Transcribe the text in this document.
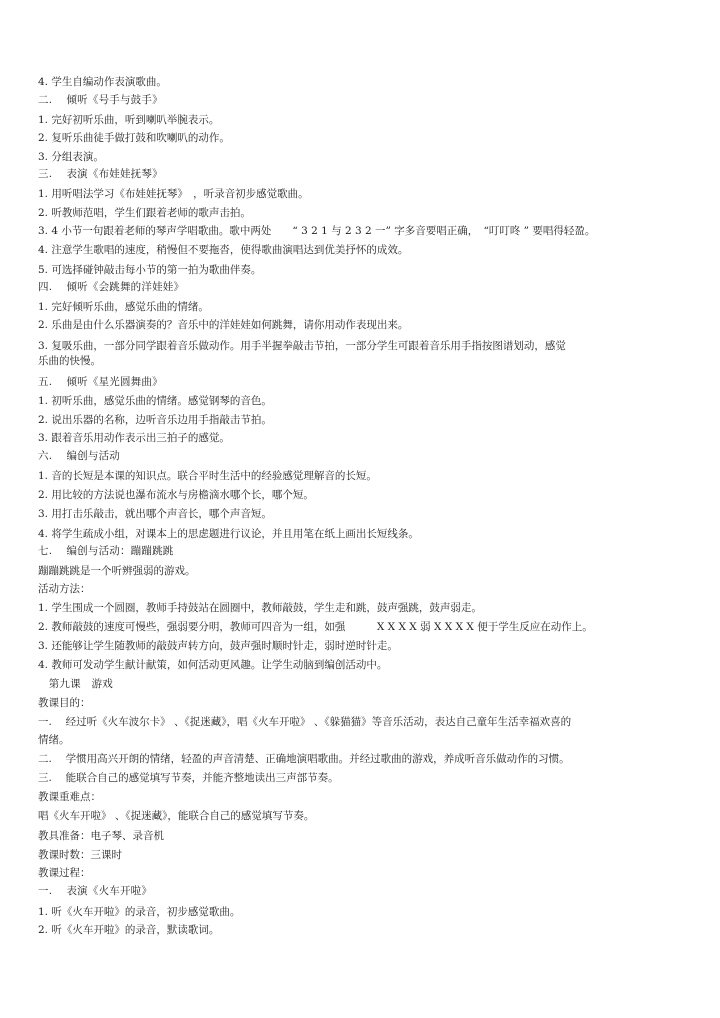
4. 学生自编动作表演歌曲。
二.　 倾听《号手与鼓手》
1. 完好初听乐曲，听到喇叭举腕表示。
2. 复听乐曲徒手做打鼓和吹喇叭的动作。
3. 分组表演。
三.　 表演《布娃娃抚琴》
1. 用听唱法学习《布娃娃抚琴》　，听录音初步感觉歌曲。
2. 听教师范唱，学生们跟着老师的歌声击拍。
3. 4 小节一句跟着老师的琴声学唱歌曲。歌中两处　　“ 3 2 1 与 2 3 2 一” 字多音要唱正确，　“叮叮咚 ” 要唱得轻盈。
4. 注意学生歌唱的速度，稍慢但不要拖沓，使得歌曲演唱达到优美抒怀的成效。
5. 可选择碰钟敲击每小节的第一拍为歌曲伴奏。
四.　 倾听《会跳舞的洋娃娃》
1. 完好倾听乐曲，感觉乐曲的情绪。
2. 乐曲是由什么乐器演奏的？音乐中的洋娃娃如何跳舞，请你用动作表现出来。
3. 复吸乐曲，一部分同学跟着音乐做动作。用手半握拳敲击节拍，一部分学生可跟着音乐用手指按图谱划动，感觉
乐曲的快慢。
五.　 倾听《星光圆舞曲》
1. 初听乐曲，感觉乐曲的情绪。感觉钢琴的音色。
2. 说出乐器的名称，边听音乐边用手指敲击节拍。
3. 跟着音乐用动作表示出三拍子的感觉。
六.　 编创与活动
1. 音的长短是本课的知识点。联合平时生活中的经验感觉理解音的长短。
2. 用比较的方法说也瀑布流水与房檐滴水哪个长，哪个短。
3. 用打击乐敲击，就出哪个声音长，哪个声音短。
4. 将学生疏成小组，对课本上的思虑题进行议论，并且用笔在纸上画出长短线条。
七.　 编创与活动：蹦蹦跳跳
蹦蹦跳跳是一个听辨强弱的游戏。
活动方法：
1. 学生围成一个圆圈，教师手持鼓站在圆圈中，教师敲鼓，学生走和跳，鼓声强跳，鼓声弱走。
2. 教师敲鼓的速度可慢些，强弱要分明，教师可四音为一组，如强　　　X X X X 弱 X X X X 便于学生反应在动作上。
3. 还能够让学生随教师的敲鼓声转方向，鼓声强时顺时针走，弱时逆时针走。
4. 教师可发动学生献计献策，如何活动更风趣。让学生动脑到编创活动中。
　第九课　游戏
教课目的：
一.　 经过听《火车波尔卡》 、《捉迷藏》，唱《火车开啦》 、《躲猫猫》等音乐活动，表达自己童年生活幸福欢喜的
情绪。
二.　 学惯用高兴开朗的情绪，轻盈的声音清楚、正确地演唱歌曲。并经过歌曲的游戏，养成听音乐做动作的习惯。
三.　 能联合自己的感觉填写节奏，并能齐整地读出三声部节奏。
教课重难点：
唱《火车开啦》 、《捉迷藏》，能联合自己的感觉填写节奏。
教具准备：电子琴、录音机
教课时数：三课时
教课过程：
一.　 表演《火车开啦》
1. 听《火车开啦》的录音，初步感觉歌曲。
2. 听《火车开啦》的录音，默读歌词。
